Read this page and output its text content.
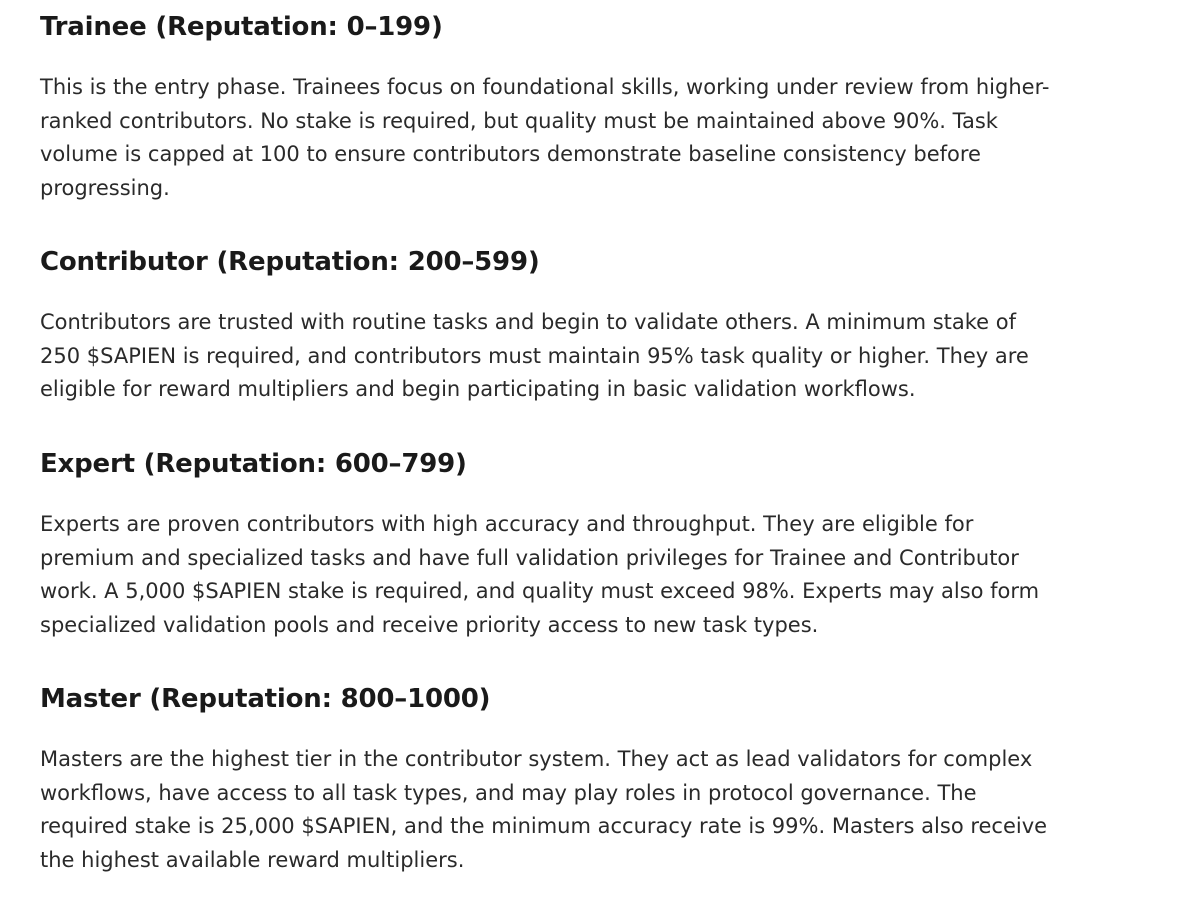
Trainee (Reputation: 0–199)

This is the entry phase. Trainees focus on foundational skills, working under review from higher-ranked contributors. No stake is required, but quality must be maintained above 90%. Task volume is capped at 100 to ensure contributors demonstrate baseline consistency before progressing.

Contributor (Reputation: 200–599)

Contributors are trusted with routine tasks and begin to validate others. A minimum stake of 250 $SAPIEN is required, and contributors must maintain 95% task quality or higher. They are eligible for reward multipliers and begin participating in basic validation workflows.

Expert (Reputation: 600–799)

Experts are proven contributors with high accuracy and throughput. They are eligible for premium and specialized tasks and have full validation privileges for Trainee and Contributor work. A 5,000 $SAPIEN stake is required, and quality must exceed 98%. Experts may also form specialized validation pools and receive priority access to new task types.

Master (Reputation: 800–1000)

Masters are the highest tier in the contributor system. They act as lead validators for complex workflows, have access to all task types, and may play roles in protocol governance. The required stake is 25,000 $SAPIEN, and the minimum accuracy rate is 99%. Masters also receive the highest available reward multipliers.
